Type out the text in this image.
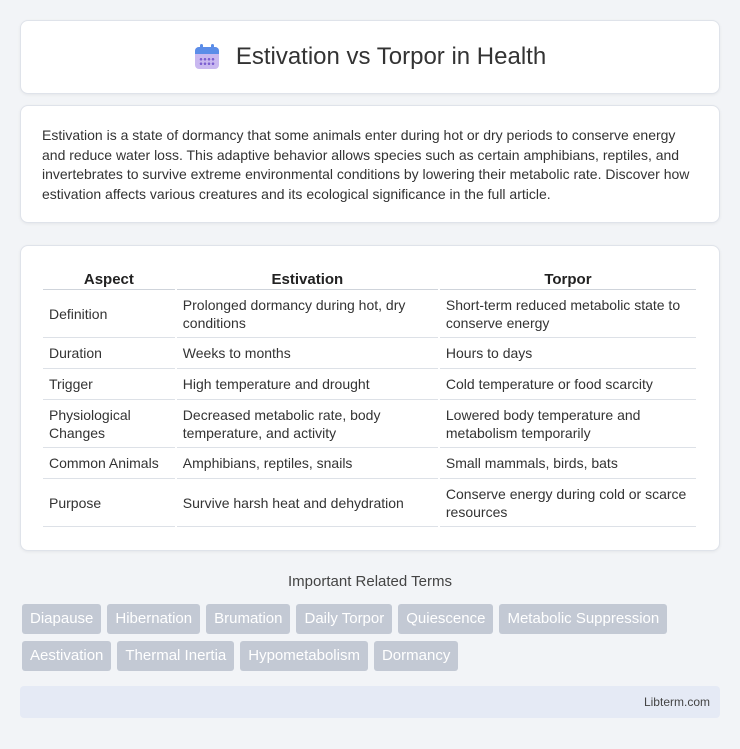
Estivation vs Torpor in Health

Estivation is a state of dormancy that some animals enter during hot or dry periods to conserve energy and reduce water loss. This adaptive behavior allows species such as certain amphibians, reptiles, and invertebrates to survive extreme environmental conditions by lowering their metabolic rate. Discover how estivation affects various creatures and its ecological significance in the full article.

Aspect	Estivation	Torpor
Definition	Prolonged dormancy during hot, dry conditions	Short-term reduced metabolic state to conserve energy
Duration	Weeks to months	Hours to days
Trigger	High temperature and drought	Cold temperature or food scarcity
Physiological Changes	Decreased metabolic rate, body temperature, and activity	Lowered body temperature and metabolism temporarily
Common Animals	Amphibians, reptiles, snails	Small mammals, birds, bats
Purpose	Survive harsh heat and dehydration	Conserve energy during cold or scarce resources
Important Related Terms
Diapause	Hibernation	Brumation	Daily Torpor	Quiescence	Metabolic Suppression
Aestivation	Thermal Inertia	Hypometabolism	Dormancy
Libterm.com
